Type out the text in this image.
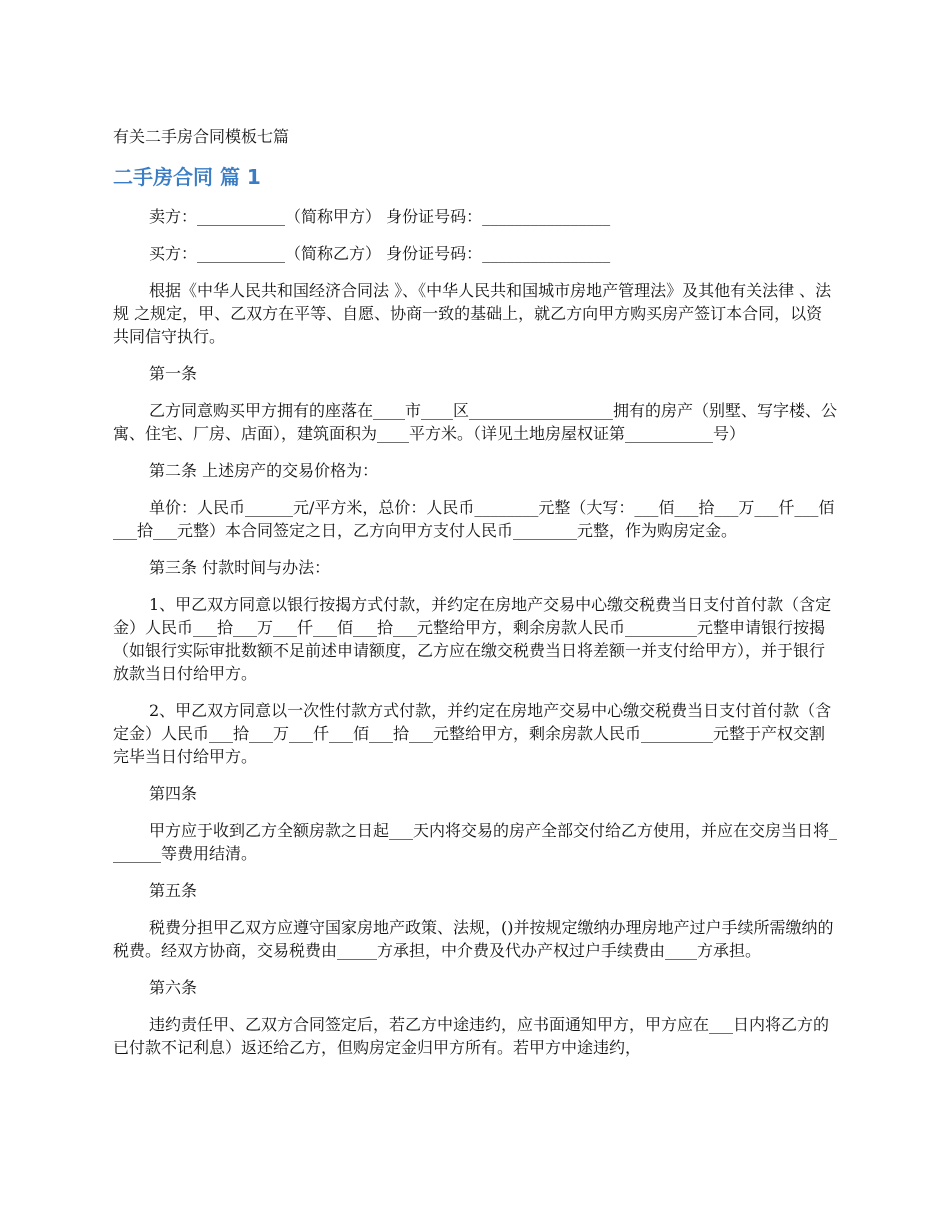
有关二手房合同模板七篇
二手房合同 篇 1

卖方：___________（简称甲方） 身份证号码：________________

买方：___________（简称乙方） 身份证号码：________________

根据《中华人民共和国经济合同法 》、《中华人民共和国城市房地产管理法》及其他有关法律 、法规 之规定，甲、乙双方在平等、自愿、协商一致的基础上，就乙方向甲方购买房产签订本合同，以资共同信守执行。

第一条

乙方同意购买甲方拥有的座落在____市____区__________________拥有的房产（别墅、写字楼、公寓、住宅、厂房、店面），建筑面积为____平方米。（详见土地房屋权证第___________号）

第二条 上述房产的交易价格为：

单价：人民币______元/平方米，总价：人民币________元整（大写：___佰___拾___万___仟___佰___拾___元整）本合同签定之日，乙方向甲方支付人民币________元整，作为购房定金。

第三条 付款时间与办法：

1、甲乙双方同意以银行按揭方式付款，并约定在房地产交易中心缴交税费当日支付首付款（含定金）人民币___拾___万___仟___佰___拾___元整给甲方，剩余房款人民币_________元整申请银行按揭（如银行实际审批数额不足前述申请额度，乙方应在缴交税费当日将差额一并支付给甲方），并于银行放款当日付给甲方。

2、甲乙双方同意以一次性付款方式付款，并约定在房地产交易中心缴交税费当日支付首付款（含定金）人民币___拾___万___仟___佰___拾___元整给甲方，剩余房款人民币_________元整于产权交割完毕当日付给甲方。

第四条

甲方应于收到乙方全额房款之日起___天内将交易的房产全部交付给乙方使用，并应在交房当日将_______等费用结清。

第五条

税费分担甲乙双方应遵守国家房地产政策、法规，()并按规定缴纳办理房地产过户手续所需缴纳的税费。经双方协商，交易税费由_____方承担，中介费及代办产权过户手续费由____方承担。

第六条

违约责任甲、乙双方合同签定后，若乙方中途违约，应书面通知甲方，甲方应在___日内将乙方的已付款不记利息）返还给乙方，但购房定金归甲方所有。若甲方中途违约，
